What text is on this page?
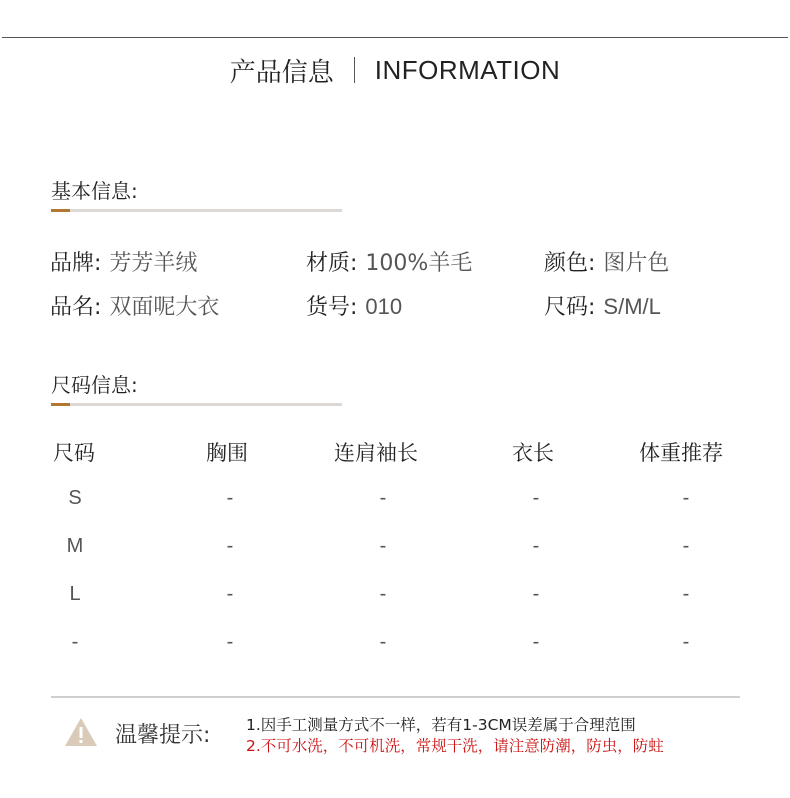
产品信息 INFORMATION
基本信息:
品牌: 芳芳羊绒	材质: 100%羊毛	颜色: 图片色
品名: 双面呢大衣	货号: 010	尺码: S/M/L
尺码信息:
尺码	胸围	连肩袖长	衣长	体重推荐
S	-	-	-	-
M	-	-	-	-
L	-	-	-	-
-	-	-	-	-
温馨提示: 1.因手工测量方式不一样，若有1-3CM误差属于合理范围
2.不可水洗，不可机洗，常规干洗，请注意防潮，防虫，防蛀
